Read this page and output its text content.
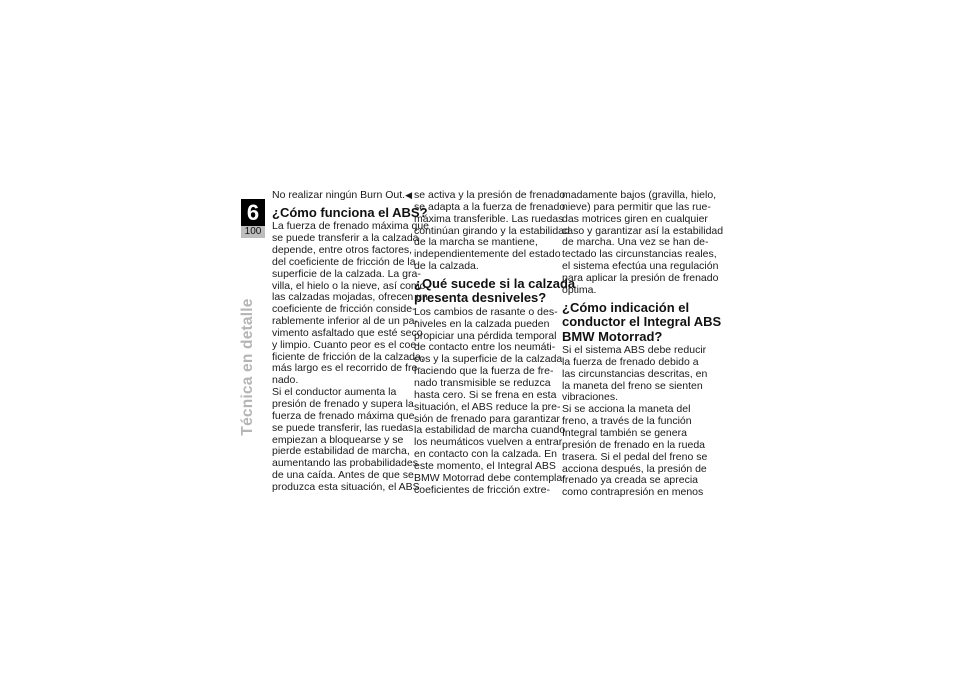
6
100
Técnica en detalle
No realizar ningún Burn Out.◀
¿Cómo funciona el ABS?
La fuerza de frenado máxima que
se puede transferir a la calzada
depende, entre otros factores,
del coeficiente de fricción de la
superficie de la calzada. La gra-
villa, el hielo o la nieve, así como
las calzadas mojadas, ofrecen un
coeficiente de fricción conside-
rablemente inferior al de un pa-
vimento asfaltado que esté seco
y limpio. Cuanto peor es el coe-
ficiente de fricción de la calzada,
más largo es el recorrido de fre-
nado.
Si el conductor aumenta la
presión de frenado y supera la
fuerza de frenado máxima que
se puede transferir, las ruedas
empiezan a bloquearse y se
pierde estabilidad de marcha,
aumentando las probabilidades
de una caída. Antes de que se
produzca esta situación, el ABS
se activa y la presión de frenado
se adapta a la fuerza de frenado
máxima transferible. Las ruedas
continúan girando y la estabilidad
de la marcha se mantiene,
independientemente del estado
de la calzada.
¿Qué sucede si la calzada
presenta desniveles?
Los cambios de rasante o des-
niveles en la calzada pueden
propiciar una pérdida temporal
de contacto entre los neumáti-
cos y la superficie de la calzada
haciendo que la fuerza de fre-
nado transmisible se reduzca
hasta cero. Si se frena en esta
situación, el ABS reduce la pre-
sión de frenado para garantizar
la estabilidad de marcha cuando
los neumáticos vuelven a entrar
en contacto con la calzada. En
este momento, el Integral ABS
BMW Motorrad debe contemplar
coeficientes de fricción extre-
madamente bajos (gravilla, hielo,
nieve) para permitir que las rue-
das motrices giren en cualquier
caso y garantizar así la estabilidad
de marcha. Una vez se han de-
tectado las circunstancias reales,
el sistema efectúa una regulación
para aplicar la presión de frenado
óptima.
¿Cómo indicación el
conductor el Integral ABS
BMW Motorrad?
Si el sistema ABS debe reducir
la fuerza de frenado debido a
las circunstancias descritas, en
la maneta del freno se sienten
vibraciones.
Si se acciona la maneta del
freno, a través de la función
Integral también se genera
presión de frenado en la rueda
trasera. Si el pedal del freno se
acciona después, la presión de
frenado ya creada se aprecia
como contrapresión en menos
